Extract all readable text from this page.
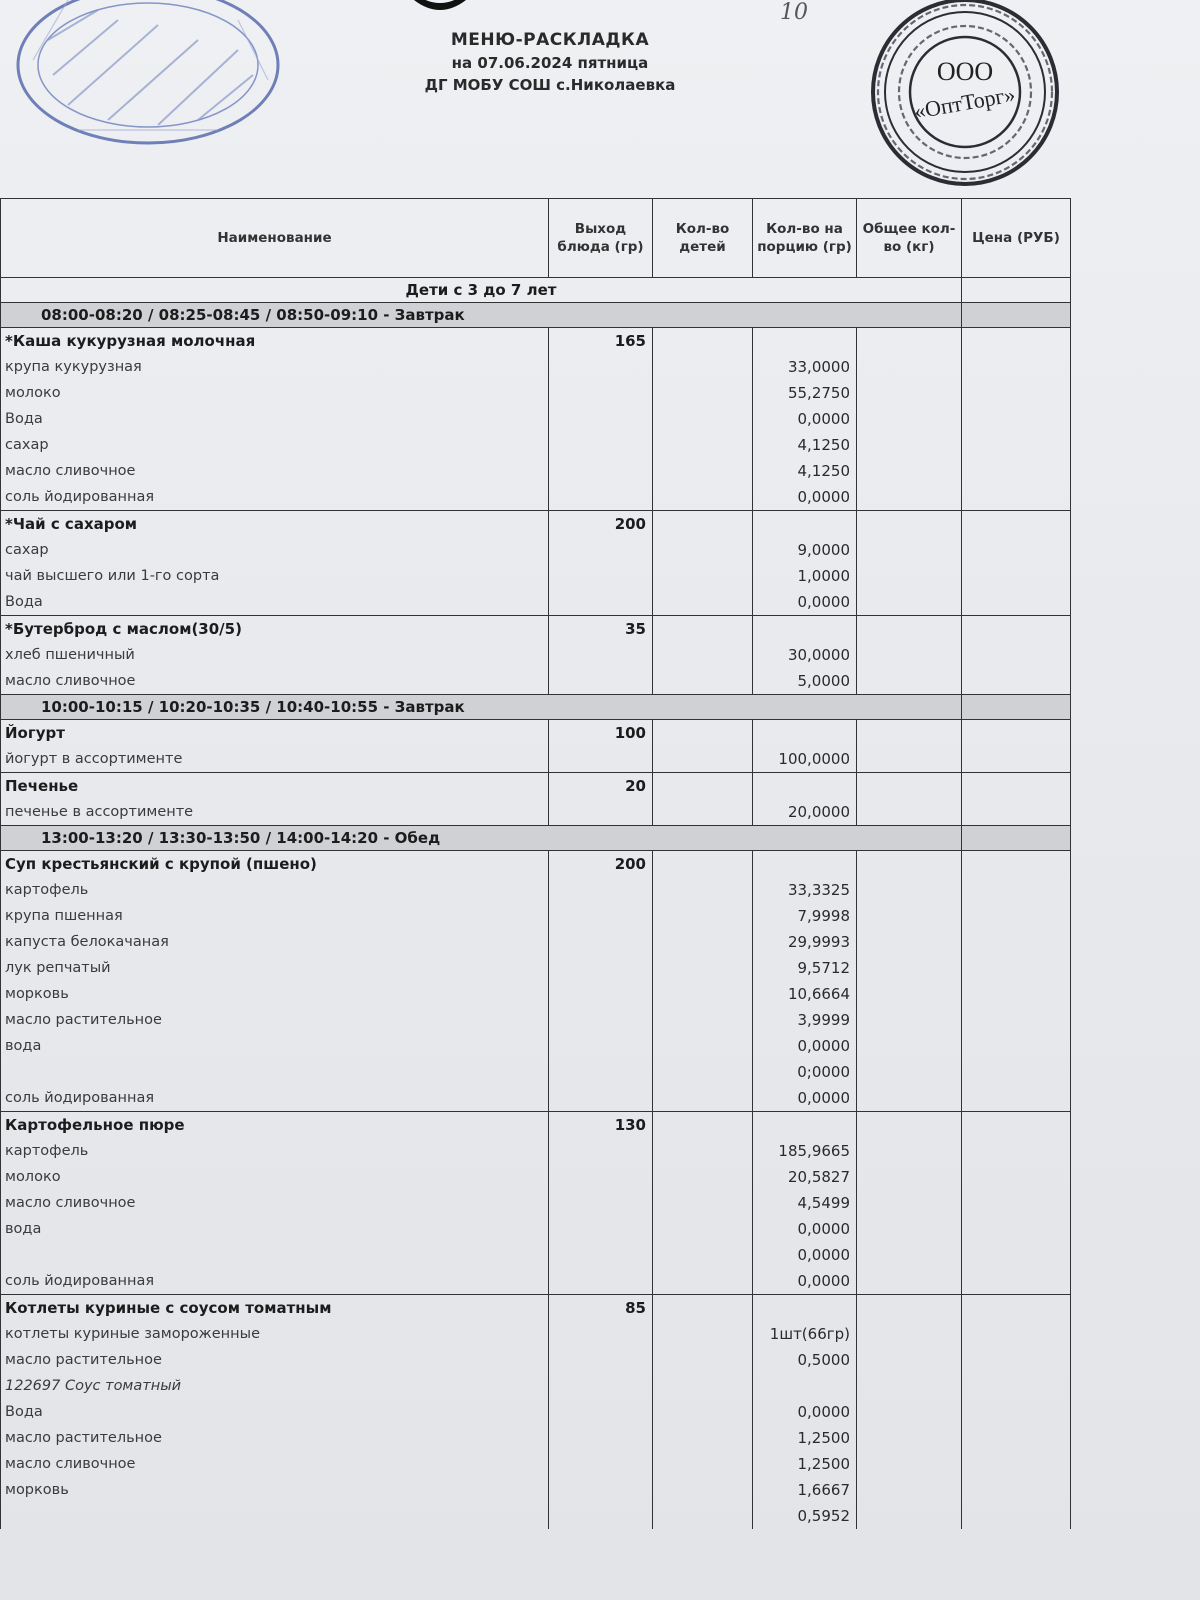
10
ООО
«ОптТорг»
МЕНЮ-РАСКЛАДКА
на 07.06.2024 пятница
ДГ МОБУ СОШ с.Николаевка
Наименование	Выход блюда (гр)	Кол-во детей	Кол-во на порцию (гр)	Общее кол-во (кг)	Цена (РУБ)
Дети с 3 до 7 лет					
08:00-08:20 / 08:25-08:45 / 08:50-09:10 - Завтрак					
*Каша кукурузная молочная	165				
крупа кукурузная			33,0000		
молоко			55,2750		
Вода			0,0000		
сахар			4,1250		
масло сливочное			4,1250		
соль йодированная			0,0000		
*Чай с сахаром	200				
сахар			9,0000		
чай высшего или 1-го сорта			1,0000		
Вода			0,0000		
*Бутерброд с маслом(30/5)	35				
хлеб пшеничный			30,0000		
масло сливочное			5,0000		
10:00-10:15 / 10:20-10:35 / 10:40-10:55 - Завтрак					
Йогурт	100				
йогурт в ассортименте			100,0000		
Печенье	20				
печенье в ассортименте			20,0000		
13:00-13:20 / 13:30-13:50 / 14:00-14:20 - Обед					
Суп крестьянский с крупой (пшено)	200				
картофель			33,3325		
крупа пшенная			7,9998		
капуста белокачаная			29,9993		
лук репчатый			9,5712		
морковь			10,6664		
масло растительное			3,9999		
вода			0,0000		
			0;0000		
соль йодированная			0,0000		
Картофельное пюре	130				
картофель			185,9665		
молоко			20,5827		
масло сливочное			4,5499		
вода			0,0000		
			0,0000		
соль йодированная			0,0000		
Котлеты куриные с соусом томатным	85				
котлеты куриные замороженные			1шт(66гр)		
масло растительное			0,5000		
122697 Соус томатный					
Вода			0,0000		
масло растительное			1,2500		
масло сливочное			1,2500		
морковь			1,6667		
			0,5952		
